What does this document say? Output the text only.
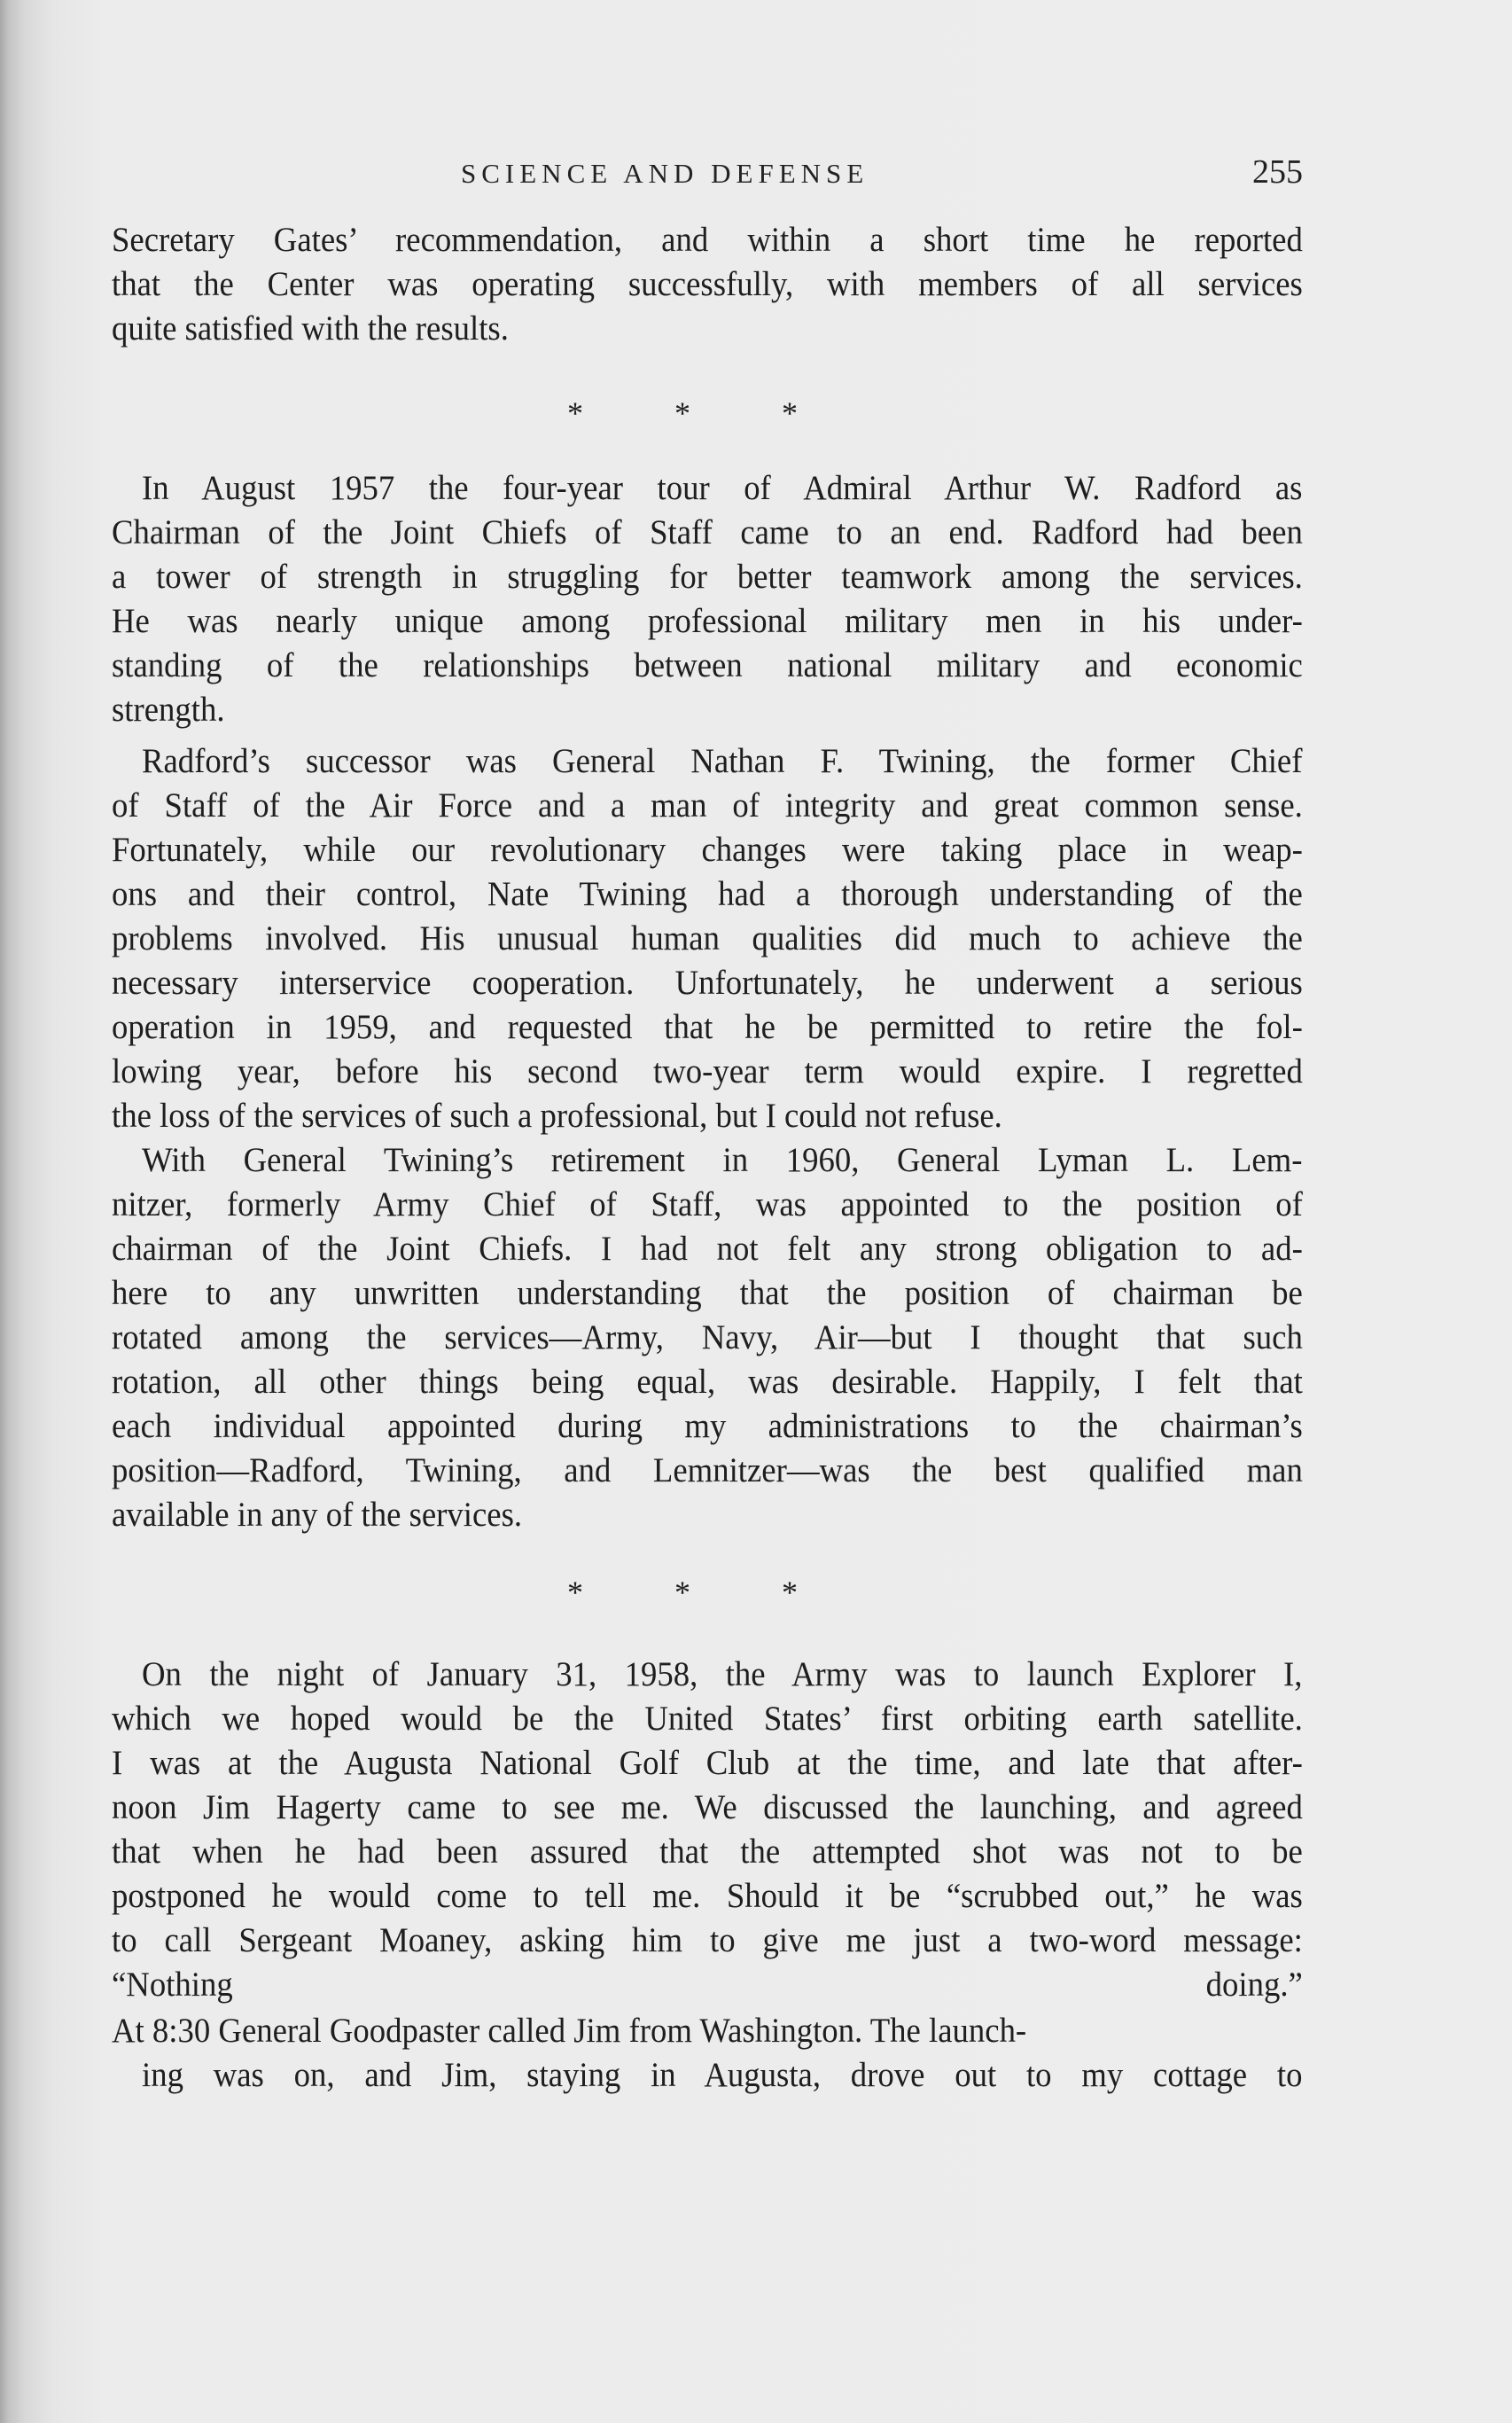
SCIENCE AND DEFENSE	255
Secretary Gates’ recommendation, and within a short time he reported
that the Center was operating successfully, with members of all services
quite satisfied with the results.
In August 1957 the four-year tour of Admiral Arthur W. Radford as
Chairman of the Joint Chiefs of Staff came to an end. Radford had been
a tower of strength in struggling for better teamwork among the services.
He was nearly unique among professional military men in his under-
standing of the relationships between national military and economic
strength.
Radford’s successor was General Nathan F. Twining, the former Chief
of Staff of the Air Force and a man of integrity and great common sense.
Fortunately, while our revolutionary changes were taking place in weap-
ons and their control, Nate Twining had a thorough understanding of the
problems involved. His unusual human qualities did much to achieve the
necessary interservice cooperation. Unfortunately, he underwent a serious
operation in 1959, and requested that he be permitted to retire the fol-
lowing year, before his second two-year term would expire. I regretted
the loss of the services of such a professional, but I could not refuse.
With General Twining’s retirement in 1960, General Lyman L. Lem-
nitzer, formerly Army Chief of Staff, was appointed to the position of
chairman of the Joint Chiefs. I had not felt any strong obligation to ad-
here to any unwritten understanding that the position of chairman be
rotated among the services—Army, Navy, Air—but I thought that such
rotation, all other things being equal, was desirable. Happily, I felt that
each individual appointed during my administrations to the chairman’s
position—Radford, Twining, and Lemnitzer—was the best qualified man
available in any of the services.
On the night of January 31, 1958, the Army was to launch Explorer I,
which we hoped would be the United States’ first orbiting earth satellite.
I was at the Augusta National Golf Club at the time, and late that after-
noon Jim Hagerty came to see me. We discussed the launching, and agreed
that when he had been assured that the attempted shot was not to be
postponed he would come to tell me. Should it be “scrubbed out,” he was
to call Sergeant Moaney, asking him to give me just a two-word message:
“Nothing doing.”
At 8:30 General Goodpaster called Jim from Washington. The launch-
ing was on, and Jim, staying in Augusta, drove out to my cottage to
*	*	*
*	*	*
